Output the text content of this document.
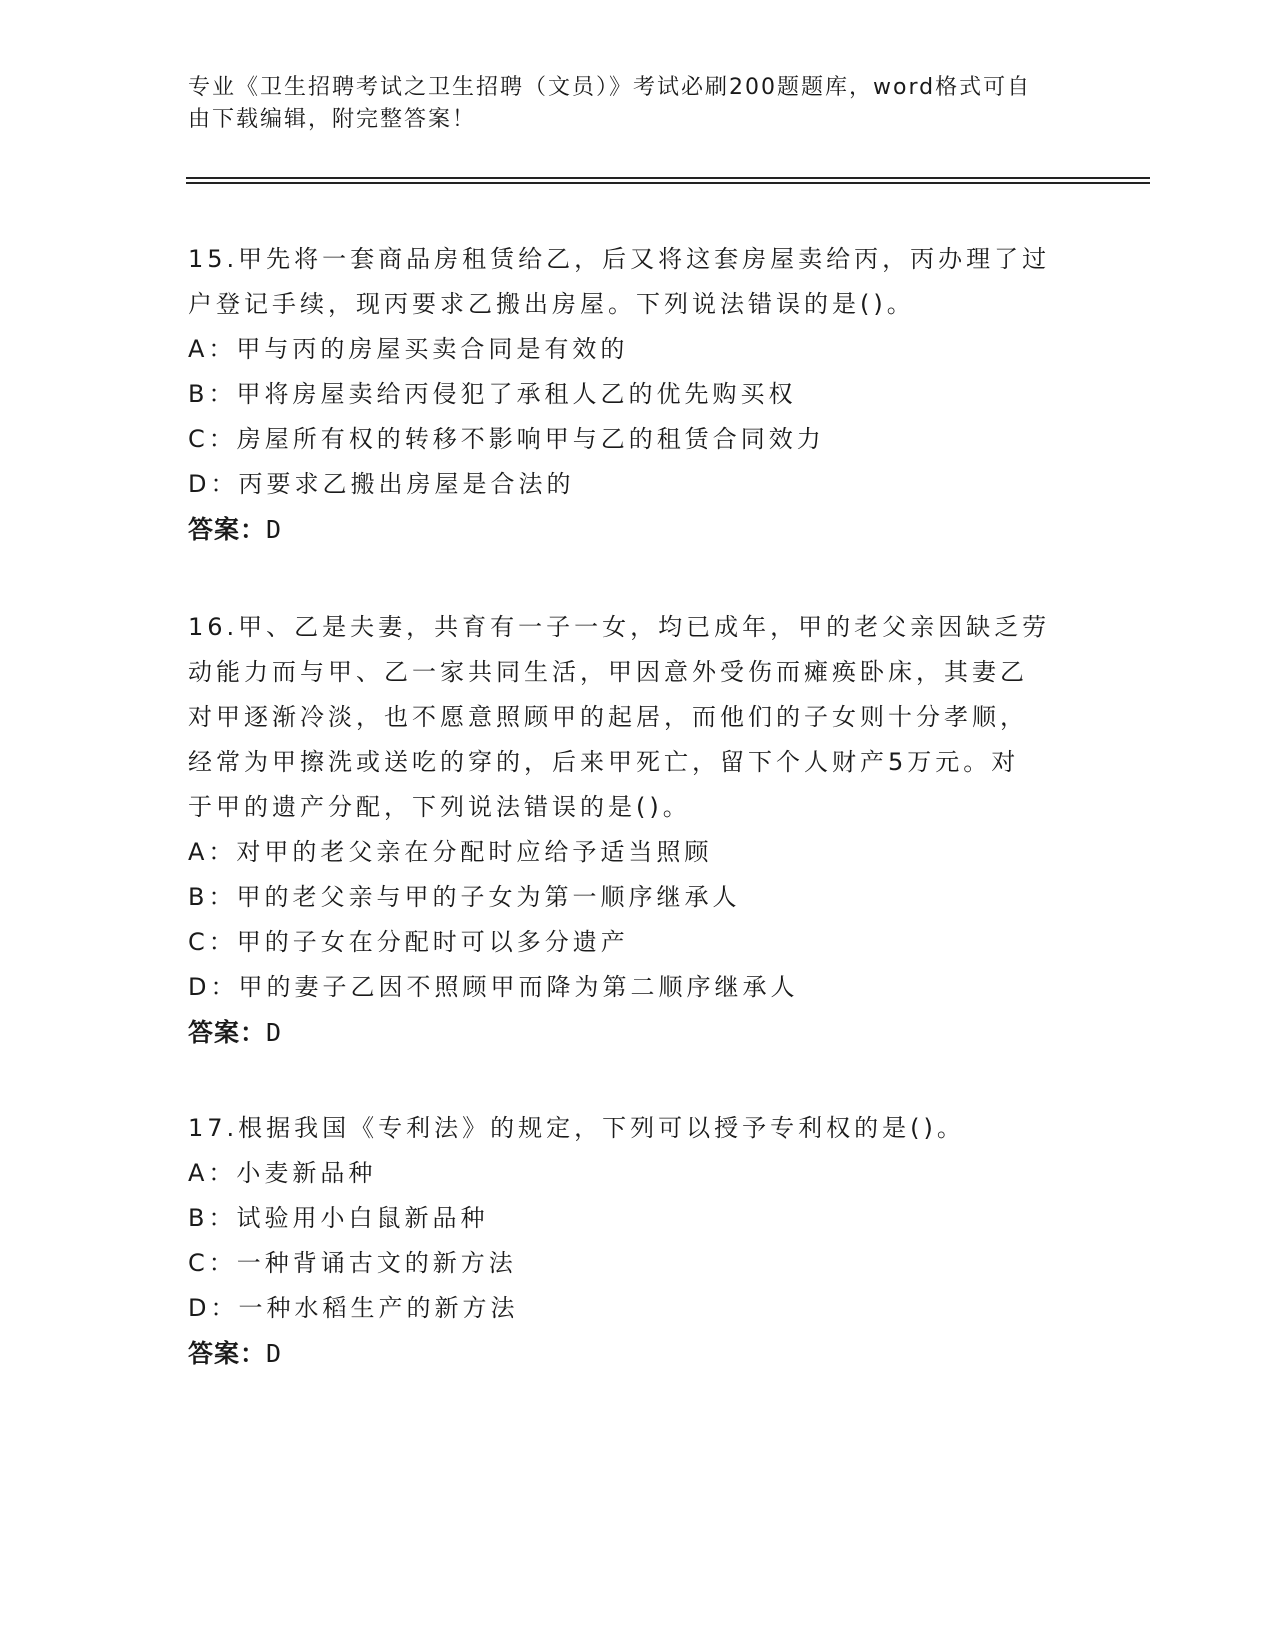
专业《卫生招聘考试之卫生招聘（文员）》考试必刷200题题库，word格式可自
由下载编辑，附完整答案！

15.甲先将一套商品房租赁给乙，后又将这套房屋卖给丙，丙办理了过

户登记手续，现丙要求乙搬出房屋。下列说法错误的是()。

A：甲与丙的房屋买卖合同是有效的

B：甲将房屋卖给丙侵犯了承租人乙的优先购买权

C：房屋所有权的转移不影响甲与乙的租赁合同效力

D：丙要求乙搬出房屋是合法的

答案：D

16.甲、乙是夫妻，共育有一子一女，均已成年，甲的老父亲因缺乏劳

动能力而与甲、乙一家共同生活，甲因意外受伤而瘫痪卧床，其妻乙

对甲逐渐冷淡，也不愿意照顾甲的起居，而他们的子女则十分孝顺，

经常为甲擦洗或送吃的穿的，后来甲死亡，留下个人财产5万元。对

于甲的遗产分配，下列说法错误的是()。

A：对甲的老父亲在分配时应给予适当照顾

B：甲的老父亲与甲的子女为第一顺序继承人

C：甲的子女在分配时可以多分遗产

D：甲的妻子乙因不照顾甲而降为第二顺序继承人

答案：D

17.根据我国《专利法》的规定，下列可以授予专利权的是()。

A：小麦新品种

B：试验用小白鼠新品种

C：一种背诵古文的新方法

D：一种水稻生产的新方法

答案：D
